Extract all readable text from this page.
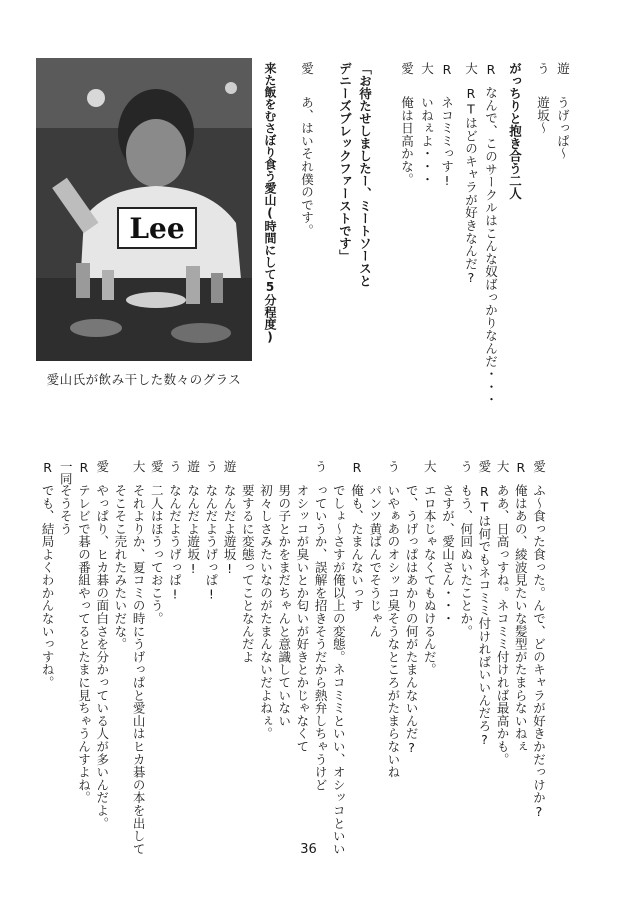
Lee
愛山氏が飲み干した数々のグラス
遊
うげっぱ〜
う
遊坂〜
がっちりと抱き合う二人
R
なんで、このサークルはこんな奴ばっかりなんだ・・・
大
RTはどのキャラが好きなんだ?
R
ネコミミっす!
大
いねぇよ・・・
愛
俺は日高かな。
「お待たせしましたー、ミートソースと
デニーズブレックファーストです」
愛
あ、はいそれ僕のです。
来た飯をむさぼり食う愛山(時間にして5分程度)
愛
ふ〜食った食った。んで、どのキャラが好きかだっけか?
R
俺はあの、綾波見たいな髪型がたまらないねぇ
大
ああ、日高っすね。ネコミミ付ければ最高かも。
愛
RTは何でもネコミミ付ければいいんだろ?
う
もう、何回ぬいたことか。
さすが、愛山さん・・・
大
エロ本じゃなくてもぬけるんだ。
で、うげっぱはあかりの何がたまんないんだ?
う
いやぁあのオシッコ臭そうなところがたまらないね
パンツ黄ばんでそうじゃん
R
俺も、たまんないっす
でしょ〜さすが俺以上の変態。ネコミミといい、オシッコといい
う
っていうか、誤解を招きそうだから熱弁しちゃうけど
オシッコが臭いとか匂いが好きとかじゃなくて
男の子とかをまだちゃんと意識していない
初々しさみたいなのがたまんないだよねぇ。
要するに変態ってことなんだよ
遊
なんだよ遊坂!
う
なんだようげっぱ!
遊
なんだよ遊坂!
う
なんだようげっぱ!
愛
二人はほうっておこう。
大
それよりか、夏コミの時にうげっぱと愛山はヒカ碁の本を出して
そこそこ売れたみたいだな。
愛
やっぱり、ヒカ碁の面白さを分かっている人が多いんだよ。
R
テレビで碁の番組やってるとたまに見ちゃうんすよね。
一同
そうそう
R
でも、結局よくわかんないっすね。
36
